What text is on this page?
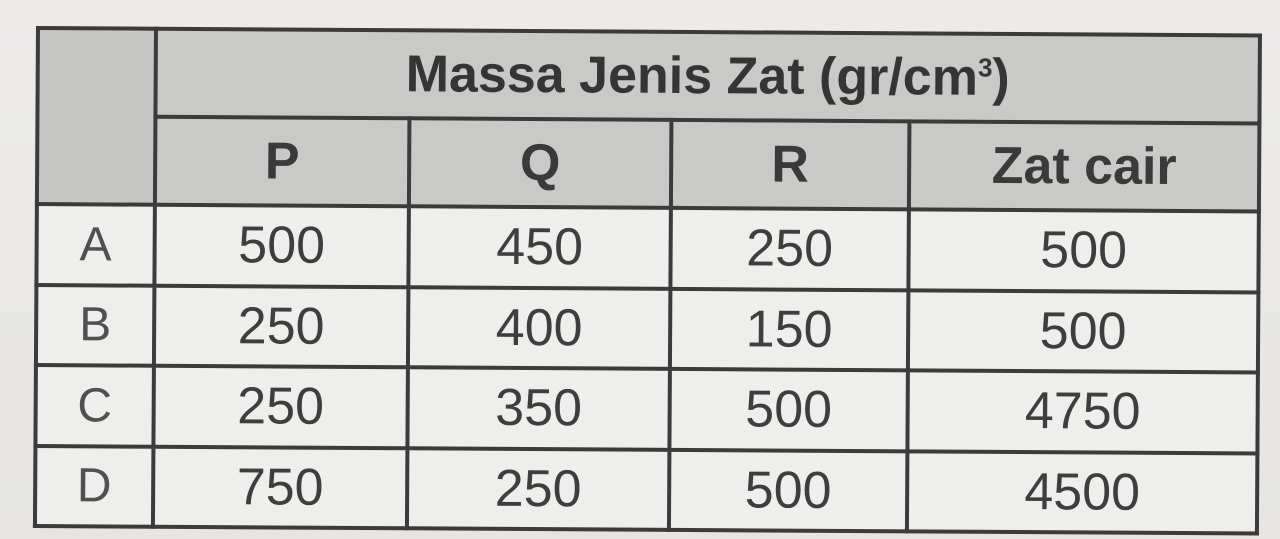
	Massa Jenis Zat $(gr/cm^3)$			
	P	Q	R	Zat cair
A	500	450	250	500
B	250	400	150	500
C	250	350	500	4750
D	750	250	500	4500
